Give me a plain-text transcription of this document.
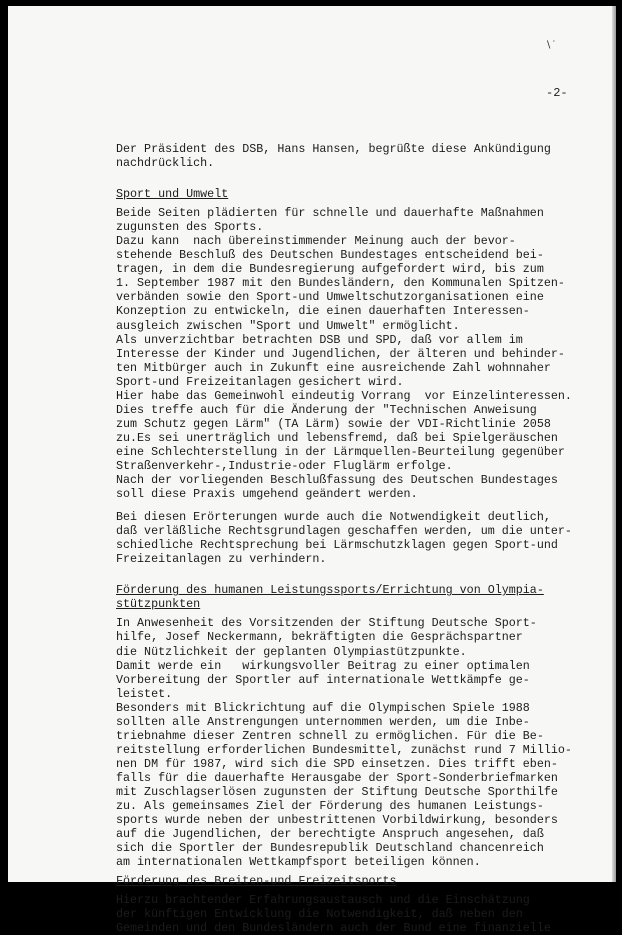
∖˙
-2-
Der Präsident des DSB, Hans Hansen, begrüßte diese Ankündigung
nachdrücklich.
Sport und Umwelt
Beide Seiten plädierten für schnelle und dauerhafte Maßnahmen
zugunsten des Sports.
Dazu kann  nach übereinstimmender Meinung auch der bevor-
stehende Beschluß des Deutschen Bundestages entscheidend bei-
tragen, in dem die Bundesregierung aufgefordert wird, bis zum
1. September 1987 mit den Bundesländern, den Kommunalen Spitzen-
verbänden sowie den Sport-und Umweltschutzorganisationen eine
Konzeption zu entwickeln, die einen dauerhaften Interessen-
ausgleich zwischen "Sport und Umwelt" ermöglicht.
Als unverzichtbar betrachten DSB und SPD, daß vor allem im
Interesse der Kinder und Jugendlichen, der älteren und behinder-
ten Mitbürger auch in Zukunft eine ausreichende Zahl wohnnaher
Sport-und Freizeitanlagen gesichert wird.
Hier habe das Gemeinwohl eindeutig Vorrang  vor Einzelinteressen.
Dies treffe auch für die Änderung der "Technischen Anweisung
zum Schutz gegen Lärm" (TA Lärm) sowie der VDI-Richtlinie 2058
zu.Es sei unerträglich und lebensfremd, daß bei Spielgeräuschen
eine Schlechterstellung in der Lärmquellen-Beurteilung gegenüber
Straßenverkehr-,Industrie-oder Fluglärm erfolge.
Nach der vorliegenden Beschlußfassung des Deutschen Bundestages
soll diese Praxis umgehend geändert werden.
Bei diesen Erörterungen wurde auch die Notwendigkeit deutlich,
daß verläßliche Rechtsgrundlagen geschaffen werden, um die unter-
schiedliche Rechtsprechung bei Lärmschutzklagen gegen Sport-und
Freizeitanlagen zu verhindern.
Förderung des humanen Leistungssports/Errichtung von Olympia-
stützpunkten
In Anwesenheit des Vorsitzenden der Stiftung Deutsche Sport-
hilfe, Josef Neckermann, bekräftigten die Gesprächspartner
die Nützlichkeit der geplanten Olympiastützpunkte.
Damit werde ein   wirkungsvoller Beitrag zu einer optimalen
Vorbereitung der Sportler auf internationale Wettkämpfe ge-
leistet.
Besonders mit Blickrichtung auf die Olympischen Spiele 1988
sollten alle Anstrengungen unternommen werden, um die Inbe-
triebnahme dieser Zentren schnell zu ermöglichen. Für die Be-
reitstellung erforderlichen Bundesmittel, zunächst rund 7 Millio-
nen DM für 1987, wird sich die SPD einsetzen. Dies trifft eben-
falls für die dauerhafte Herausgabe der Sport-Sonderbriefmarken
mit Zuschlagserlösen zugunsten der Stiftung Deutsche Sporthilfe
zu. Als gemeinsames Ziel der Förderung des humanen Leistungs-
sports wurde neben der unbestrittenen Vorbildwirkung, besonders
auf die Jugendlichen, der berechtigte Anspruch angesehen, daß
sich die Sportler der Bundesrepublik Deutschland chancenreich
am internationalen Wettkampfsport beteiligen können.
Förderung des Breiten-und Freizeitsports
Hierzu brachtender Erfahrungsaustausch und die Einschätzung
der künftigen Entwicklung die Notwendigkeit, daß neben den
Gemeinden und den Bundesländern auch der Bund eine finanzielle
